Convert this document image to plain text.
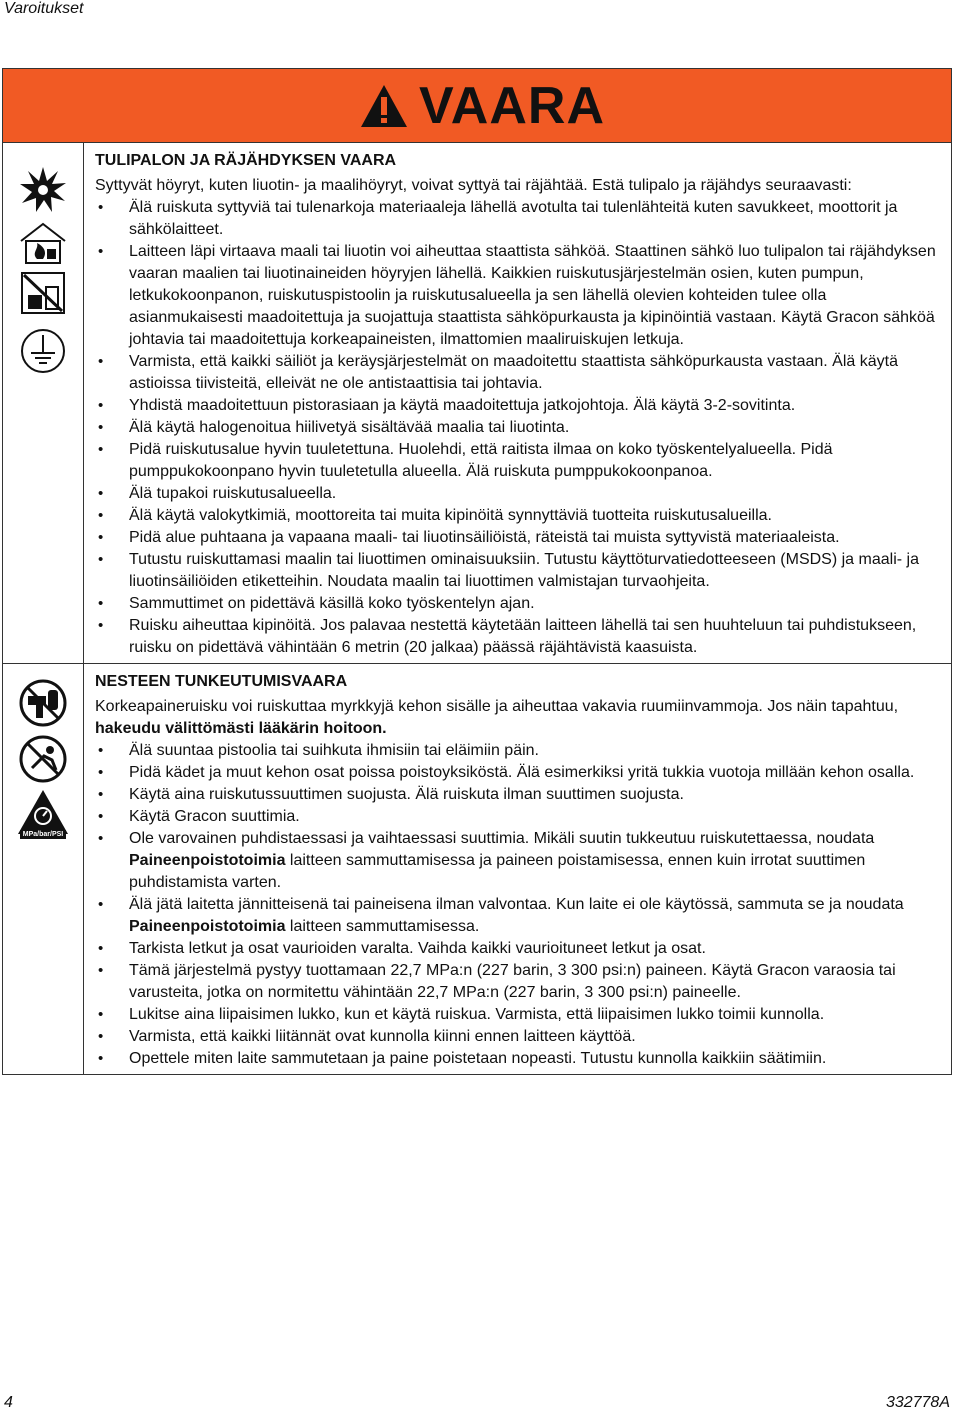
Varoitukset
VAARA
TULIPALON JA RÄJÄHDYKSEN VAARA

Syttyvät höyryt, kuten liuotin- ja maalihöyryt, voivat syttyä tai räjähtää. Estä tulipalo ja räjähdys seuraavasti:

• Älä ruiskuta syttyviä tai tulenarkoja materiaaleja lähellä avotulta tai tulenlähteitä kuten savukkeet, moottorit ja sähkölaitteet.
• Laitteen läpi virtaava maali tai liuotin voi aiheuttaa staattista sähköä. Staattinen sähkö luo tulipalon tai räjähdyksen vaaran maalien tai liuotinaineiden höyryjen lähellä. Kaikkien ruiskutusjärjestelmän osien, kuten pumpun, letkukokoonpanon, ruiskutuspistoolin ja ruiskutusalueella ja sen lähellä olevien kohteiden tulee olla asianmukaisesti maadoitettuja ja suojattuja staattista sähköpurkausta ja kipinöintiä vastaan. Käytä Gracon sähköä johtavia tai maadoitettuja korkeapaineisten, ilmattomien maaliruiskujen letkuja.
• Varmista, että kaikki säiliöt ja keräysjärjestelmät on maadoitettu staattista sähköpurkausta vastaan. Älä käytä astioissa tiivisteitä, elleivät ne ole antistaattisia tai johtavia.
• Yhdistä maadoitettuun pistorasiaan ja käytä maadoitettuja jatkojohtoja. Älä käytä 3-2-sovitinta.
• Älä käytä halogenoitua hiilivetyä sisältävää maalia tai liuotinta.
• Pidä ruiskutusalue hyvin tuuletettuna. Huolehdi, että raitista ilmaa on koko työskentelyalueella. Pidä pumppukokoonpano hyvin tuuletetulla alueella. Älä ruiskuta pumppukokoonpanoa.
• Älä tupakoi ruiskutusalueella.
• Älä käytä valokytkimiä, moottoreita tai muita kipinöitä synnyttäviä tuotteita ruiskutusalueilla.
• Pidä alue puhtaana ja vapaana maali- tai liuotinsäiliöistä, räteistä tai muista syttyvistä materiaaleista.
• Tutustu ruiskuttamasi maalin tai liuottimen ominaisuuksiin. Tutustu käyttöturvatiedotteeseen (MSDS) ja maali- ja liuotinsäiliöiden etiketteihin. Noudata maalin tai liuottimen valmistajan turvaohjeita.
• Sammuttimet on pidettävä käsillä koko työskentelyn ajan.
• Ruisku aiheuttaa kipinöitä. Jos palavaa nestettä käytetään laitteen lähellä tai sen huuhteluun tai puhdistukseen, ruisku on pidettävä vähintään 6 metrin (20 jalkaa) päässä räjähtävistä kaasuista.
MPa/bar/PSI
NESTEEN TUNKEUTUMISVAARA

Korkeapaineruisku voi ruiskuttaa myrkkyjä kehon sisälle ja aiheuttaa vakavia ruumiinvammoja. Jos näin tapahtuu, hakeudu välittömästi lääkärin hoitoon.

• Älä suuntaa pistoolia tai suihkuta ihmisiin tai eläimiin päin.
• Pidä kädet ja muut kehon osat poissa poistoyksiköstä. Älä esimerkiksi yritä tukkia vuotoja millään kehon osalla.
• Käytä aina ruiskutussuuttimen suojusta. Älä ruiskuta ilman suuttimen suojusta.
• Käytä Gracon suuttimia.
• Ole varovainen puhdistaessasi ja vaihtaessasi suuttimia. Mikäli suutin tukkeutuu ruiskutettaessa, noudata Paineenpoistotoimia laitteen sammuttamisessa ja paineen poistamisessa, ennen kuin irrotat suuttimen puhdistamista varten.
• Älä jätä laitetta jännitteisenä tai paineisena ilman valvontaa. Kun laite ei ole käytössä, sammuta se ja noudata Paineenpoistotoimia laitteen sammuttamisessa.
• Tarkista letkut ja osat vaurioiden varalta. Vaihda kaikki vaurioituneet letkut ja osat.
• Tämä järjestelmä pystyy tuottamaan 22,7 MPa:n (227 barin, 3 300 psi:n) paineen. Käytä Gracon varaosia tai varusteita, jotka on normitettu vähintään 22,7 MPa:n (227 barin, 3 300 psi:n) paineelle.
• Lukitse aina liipaisimen lukko, kun et käytä ruiskua. Varmista, että liipaisimen lukko toimii kunnolla.
• Varmista, että kaikki liitännät ovat kunnolla kiinni ennen laitteen käyttöä.
• Opettele miten laite sammutetaan ja paine poistetaan nopeasti. Tutustu kunnolla kaikkiin säätimiin.
4	332778A
